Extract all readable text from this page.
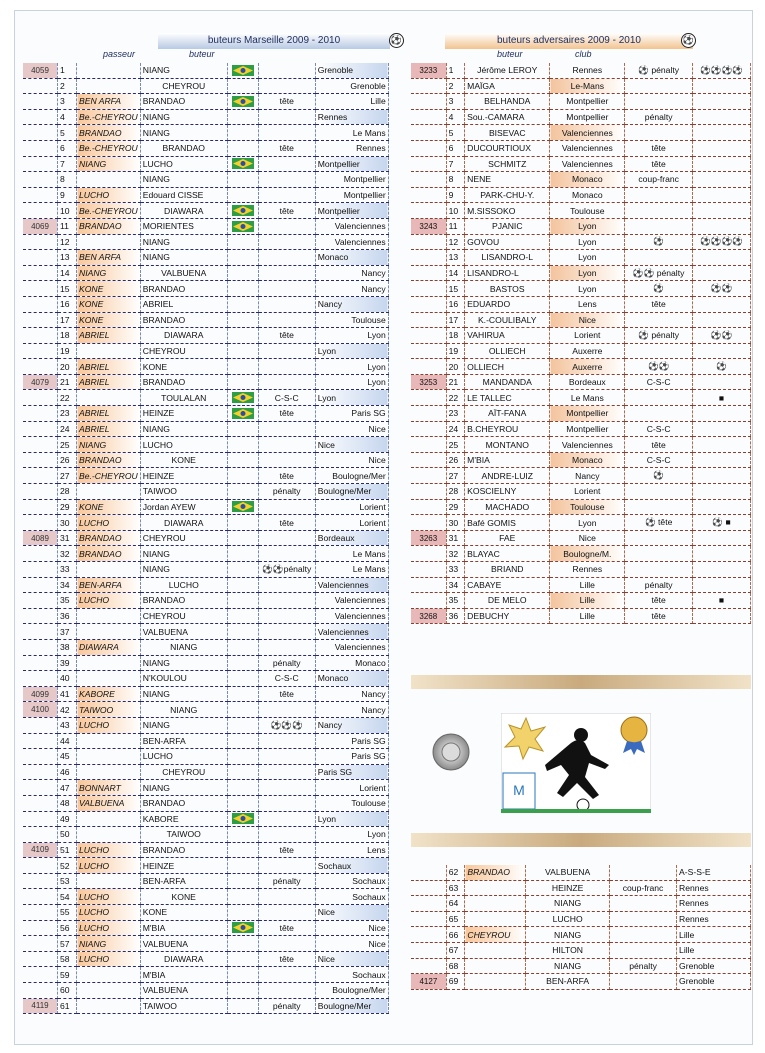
buteurs Marseille 2009 - 2010	⚽
passeur	buteur
4059	1		NIANG			Grenoble
	2		CHEYROU			Grenoble
	3	BEN ARFA	BRANDAO		tête	Lille
	4	Be.-CHEYROU	NIANG			Rennes
	5	BRANDAO	NIANG			Le Mans
	6	Be.-CHEYROU	BRANDAO		tête	Rennes
	7	NIANG	LUCHO			Montpellier
	8		NIANG			Montpellier
	9	LUCHO	Edouard CISSE			Montpellier
	10	Be.-CHEYROU	DIAWARA		tête	Montpellier
4069	11	BRANDAO	MORIENTES			Valenciennes
	12		NIANG			Valenciennes
	13	BEN ARFA	NIANG			Monaco
	14	NIANG	VALBUENA			Nancy
	15	KONE	BRANDAO			Nancy
	16	KONE	ABRIEL			Nancy
	17	KONE	BRANDAO			Toulouse
	18	ABRIEL	DIAWARA		tête	Lyon
	19		CHEYROU			Lyon
	20	ABRIEL	KONE			Lyon
4079	21	ABRIEL	BRANDAO			Lyon
	22		TOULALAN		C-S-C	Lyon
	23	ABRIEL	HEINZE		tête	Paris SG
	24	ABRIEL	NIANG			Nice
	25	NIANG	LUCHO			Nice
	26	BRANDAO	KONE			Nice
	27	Be.-CHEYROU	HEINZE		tête	Boulogne/Mer
	28		TAIWOO		pénalty	Boulogne/Mer
	29	KONE	Jordan AYEW			Lorient
	30	LUCHO	DIAWARA		tête	Lorient
4089	31	BRANDAO	CHEYROU			Bordeaux
	32	BRANDAO	NIANG			Le Mans
	33		NIANG		⚽⚽pénalty	Le Mans
	34	BEN-ARFA	LUCHO			Valenciennes
	35	LUCHO	BRANDAO			Valenciennes
	36		CHEYROU			Valenciennes
	37		VALBUENA			Valenciennes
	38	DIAWARA	NIANG			Valenciennes
	39		NIANG		pénalty	Monaco
	40		N'KOULOU		C-S-C	Monaco
4099	41	KABORE	NIANG		tête	Nancy
4100	42	TAIWOO	NIANG			Nancy
	43	LUCHO	NIANG		⚽⚽⚽	Nancy
	44		BEN-ARFA			Paris SG
	45		LUCHO			Paris SG
	46		CHEYROU			Paris SG
	47	BONNART	NIANG			Lorient
	48	VALBUENA	BRANDAO			Toulouse
	49		KABORE			Lyon
	50		TAIWOO			Lyon
4109	51	LUCHO	BRANDAO		tête	Lens
	52	LUCHO	HEINZE			Sochaux
	53		BEN-ARFA		pénalty	Sochaux
	54	LUCHO	KONE			Sochaux
	55	LUCHO	KONE			Nice
	56	LUCHO	M'BIA		tête	Nice
	57	NIANG	VALBUENA			Nice
	58	LUCHO	DIAWARA		tête	Nice
	59		M'BIA			Sochaux
	60		VALBUENA			Boulogne/Mer
4119	61		TAIWOO		pénalty	Boulogne/Mer
buteurs adversaires 2009 - 2010	⚽
buteur	club
3233	1	Jérôme LEROY	Rennes	⚽ pénalty	⚽⚽⚽⚽
	2	MAÏGA	Le-Mans		
	3	BELHANDA	Montpellier		
	4	Sou.-CAMARA	Montpellier	pénalty	
	5	BISEVAC	Valenciennes		
	6	DUCOURTIOUX	Valenciennes	tête	
	7	SCHMITZ	Valenciennes	tête	
	8	NENE	Monaco	coup-franc	
	9	PARK-CHU-Y.	Monaco		
	10	M.SISSOKO	Toulouse		
3243	11	PJANIC	Lyon		
	12	GOVOU	Lyon	⚽	⚽⚽⚽⚽
	13	LISANDRO-L	Lyon		
	14	LISANDRO-L	Lyon	⚽⚽ pénalty	
	15	BASTOS	Lyon	⚽	⚽⚽
	16	EDUARDO	Lens	tête	
	17	K.-COULIBALY	Nice		
	18	VAHIRUA	Lorient	⚽ pénalty	⚽⚽
	19	OLLIECH	Auxerre		
	20	OLLIECH	Auxerre	⚽⚽	⚽
3253	21	MANDANDA	Bordeaux	C-S-C	
	22	LE TALLEC	Le Mans		■
	23	AÏT-FANA	Montpellier		
	24	B.CHEYROU	Montpellier	C-S-C	
	25	MONTANO	Valenciennes	tête	
	26	M'BIA	Monaco	C-S-C	
	27	ANDRE-LUIZ	Nancy	⚽	
	28	KOSCIELNY	Lorient		
	29	MACHADO	Toulouse		
	30	Bafé GOMIS	Lyon	⚽ tête	⚽ ■
3263	31	FAE	Nice		
	32	BLAYAC	Boulogne/M.		
	33	BRIAND	Rennes		
	34	CABAYE	Lille	pénalty	
	35	DE MELO	Lille	tête	■
3268	36	DEBUCHY	Lille	tête	
M
	62	BRANDAO	VALBUENA		A-S-S-E
	63		HEINZE	coup-franc	Rennes
	64		NIANG		Rennes
	65		LUCHO		Rennes
	66	CHEYROU	NIANG		Lille
	67		HILTON		Lille
	68		NIANG	pénalty	Grenoble
4127	69		BEN-ARFA		Grenoble
